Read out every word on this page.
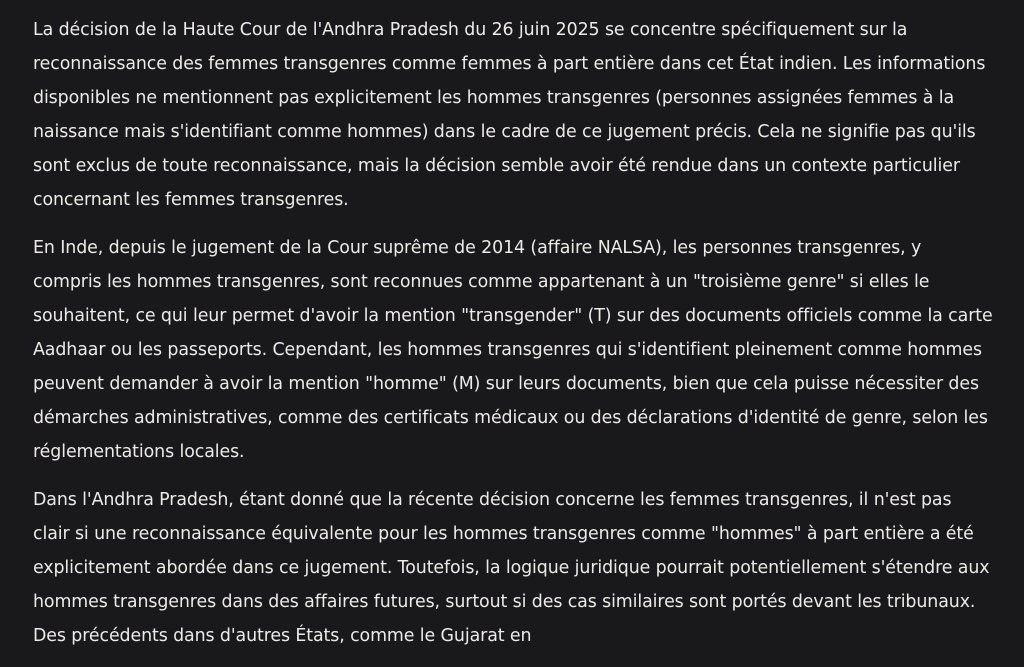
La décision de la Haute Cour de l'Andhra Pradesh du 26 juin 2025 se concentre spécifiquement sur la reconnaissance des femmes transgenres comme femmes à part entière dans cet État indien. Les informations disponibles ne mentionnent pas explicitement les hommes transgenres (personnes assignées femmes à la naissance mais s'identifiant comme hommes) dans le cadre de ce jugement précis. Cela ne signifie pas qu'ils sont exclus de toute reconnaissance, mais la décision semble avoir été rendue dans un contexte particulier concernant les femmes transgenres.

En Inde, depuis le jugement de la Cour suprême de 2014 (affaire NALSA), les personnes transgenres, y compris les hommes transgenres, sont reconnues comme appartenant à un "troisième genre" si elles le souhaitent, ce qui leur permet d'avoir la mention "transgender" (T) sur des documents officiels comme la carte Aadhaar ou les passeports. Cependant, les hommes transgenres qui s'identifient pleinement comme hommes peuvent demander à avoir la mention "homme" (M) sur leurs documents, bien que cela puisse nécessiter des démarches administratives, comme des certificats médicaux ou des déclarations d'identité de genre, selon les réglementations locales.

Dans l'Andhra Pradesh, étant donné que la récente décision concerne les femmes transgenres, il n'est pas clair si une reconnaissance équivalente pour les hommes transgenres comme "hommes" à part entière a été explicitement abordée dans ce jugement. Toutefois, la logique juridique pourrait potentiellement s'étendre aux hommes transgenres dans des affaires futures, surtout si des cas similaires sont portés devant les tribunaux. Des précédents dans d'autres États, comme le Gujarat en
